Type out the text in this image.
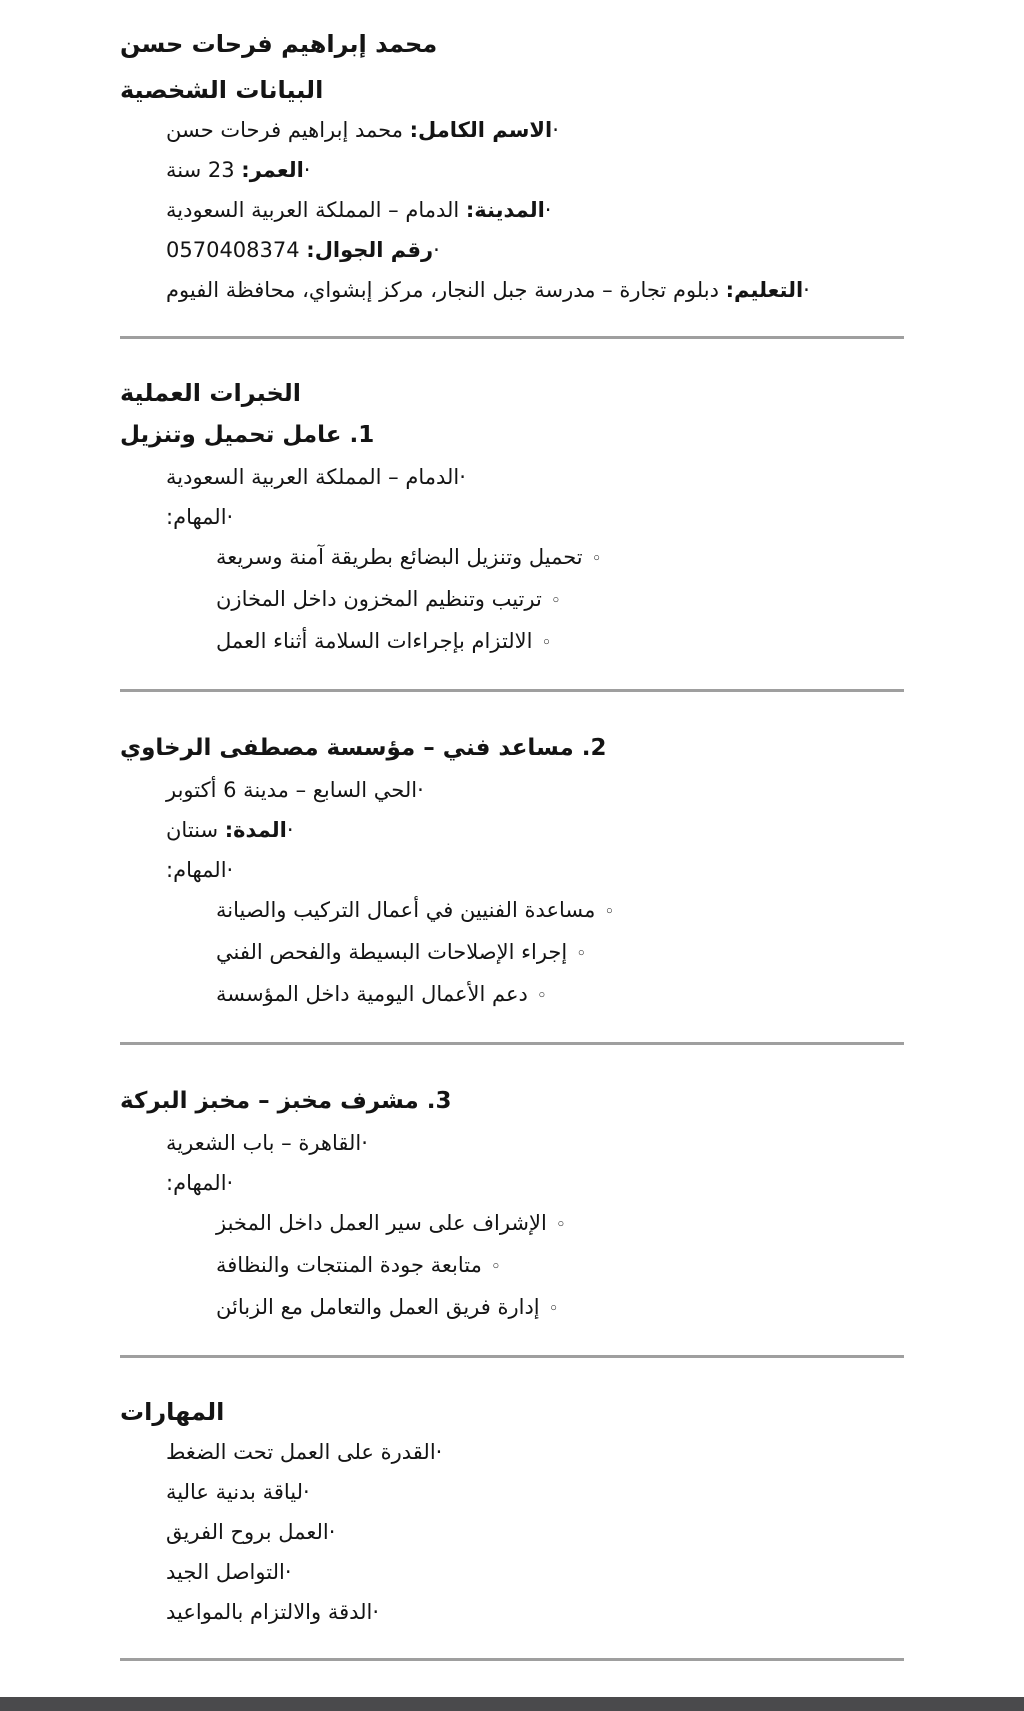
محمد إبراهيم فرحات حسن
البيانات الشخصية

·الاسم الكامل: محمد إبراهيم فرحات حسن

·العمر: 23 سنة

·المدينة: الدمام – المملكة العربية السعودية

·رقم الجوال: 0570408374

·التعليم: دبلوم تجارة – مدرسة جبل النجار، مركز إبشواي، محافظة الفيوم

الخبرات العملية
1. عامل تحميل وتنزيل

·الدمام – المملكة العربية السعودية

·المهام:

◦تحميل وتنزيل البضائع بطريقة آمنة وسريعة

◦ترتيب وتنظيم المخزون داخل المخازن

◦الالتزام بإجراءات السلامة أثناء العمل

2. مساعد فني – مؤسسة مصطفى الرخاوي

·الحي السابع – مدينة 6 أكتوبر

·المدة: سنتان

·المهام:

◦مساعدة الفنيين في أعمال التركيب والصيانة

◦إجراء الإصلاحات البسيطة والفحص الفني

◦دعم الأعمال اليومية داخل المؤسسة

3. مشرف مخبز – مخبز البركة

·القاهرة – باب الشعرية

·المهام:

◦الإشراف على سير العمل داخل المخبز

◦متابعة جودة المنتجات والنظافة

◦إدارة فريق العمل والتعامل مع الزبائن

المهارات

·القدرة على العمل تحت الضغط

·لياقة بدنية عالية

·العمل بروح الفريق

·التواصل الجيد

·الدقة والالتزام بالمواعيد
